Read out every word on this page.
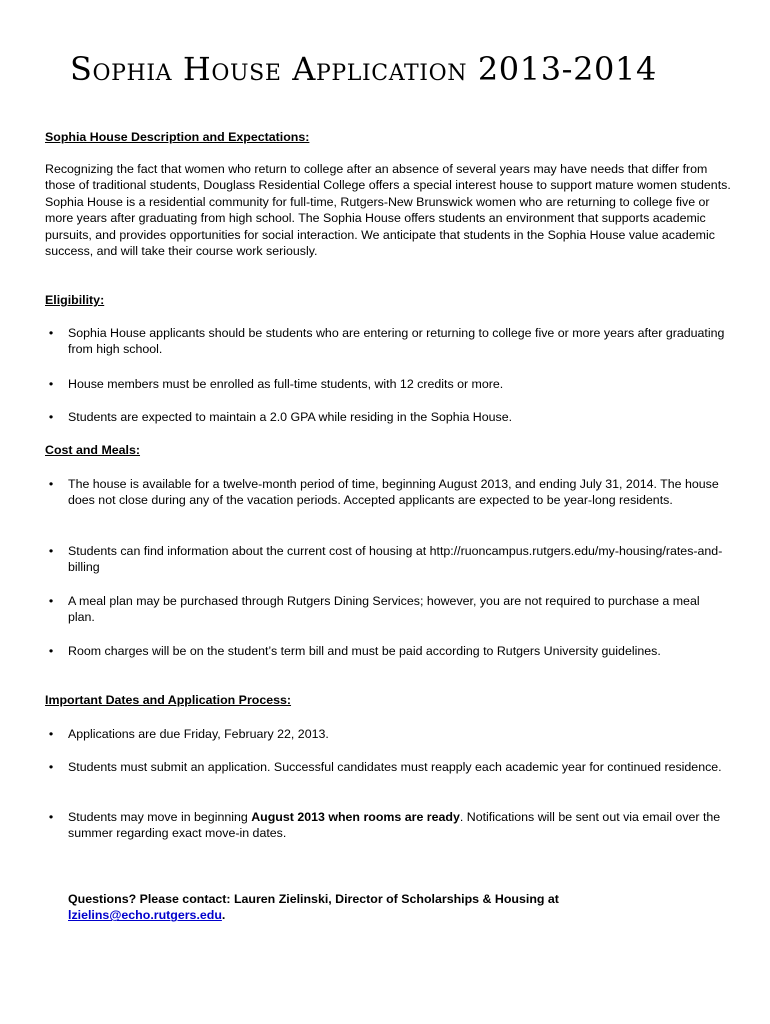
Sophia House Application 2013-2014

Sophia House Description and Expectations:

Recognizing the fact that women who return to college after an absence of several years may have needs that differ from those of traditional students, Douglass Residential College offers a special interest house to support mature women students. Sophia House is a residential community for full-time, Rutgers-New Brunswick women who are returning to college five or more years after graduating from high school. The Sophia House offers students an environment that supports academic pursuits, and provides opportunities for social interaction. We anticipate that students in the Sophia House value academic success, and will take their course work seriously.

Eligibility:

•	Sophia House applicants should be students who are entering or returning to college five or more years after graduating from high school.
•	House members must be enrolled as full-time students, with 12 credits or more.
•	Students are expected to maintain a 2.0 GPA while residing in the Sophia House.

Cost and Meals:

•	The house is available for a twelve-month period of time, beginning August 2013, and ending July 31, 2014. The house does not close during any of the vacation periods. Accepted applicants are expected to be year-long residents.
•	Students can find information about the current cost of housing at http://ruoncampus.rutgers.edu/my-housing/rates-and-billing
•	A meal plan may be purchased through Rutgers Dining Services; however, you are not required to purchase a meal plan.
•	Room charges will be on the student’s term bill and must be paid according to Rutgers University guidelines.

Important Dates and Application Process:

•	Applications are due Friday, February 22, 2013.
•	Students must submit an application. Successful candidates must reapply each academic year for continued residence.
•	Students may move in beginning August 2013 when rooms are ready. Notifications will be sent out via email over the summer regarding exact move-in dates.
Questions? Please contact: Lauren Zielinski, Director of Scholarships & Housing at
lzielins@echo.rutgers.edu.
